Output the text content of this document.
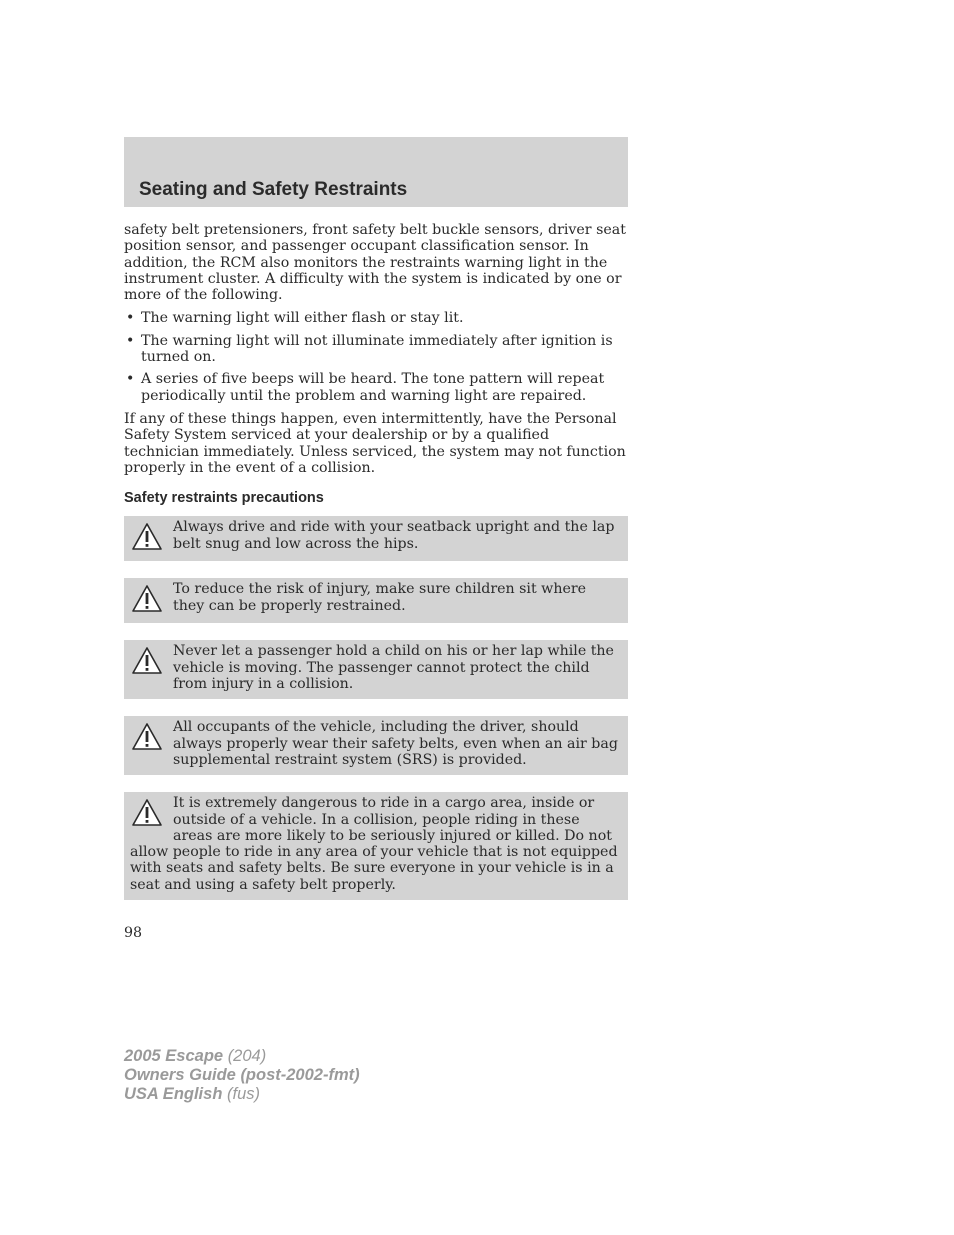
Seating and Safety Restraints

safety belt pretensioners, front safety belt buckle sensors, driver seat position sensor, and passenger occupant classification sensor. In addition, the RCM also monitors the restraints warning light in the instrument cluster. A difficulty with the system is indicated by one or more of the following.

• The warning light will either flash or stay lit.
• The warning light will not illuminate immediately after ignition is turned on.
• A series of five beeps will be heard. The tone pattern will repeat periodically until the problem and warning light are repaired.

If any of these things happen, even intermittently, have the Personal Safety System serviced at your dealership or by a qualified technician immediately. Unless serviced, the system may not function properly in the event of a collision.

Safety restraints precautions
Always drive and ride with your seatback upright and the lap belt snug and low across the hips.
To reduce the risk of injury, make sure children sit where they can be properly restrained.
Never let a passenger hold a child on his or her lap while the vehicle is moving. The passenger cannot protect the child from injury in a collision.
All occupants of the vehicle, including the driver, should always properly wear their safety belts, even when an air bag supplemental restraint system (SRS) is provided.
It is extremely dangerous to ride in a cargo area, inside or outside of a vehicle. In a collision, people riding in these areas are more likely to be seriously injured or killed. Do not allow people to ride in any area of your vehicle that is not equipped with seats and safety belts. Be sure everyone in your vehicle is in a seat and using a safety belt properly.
98
2005 Escape (204)
Owners Guide (post-2002-fmt)
USA English (fus)
